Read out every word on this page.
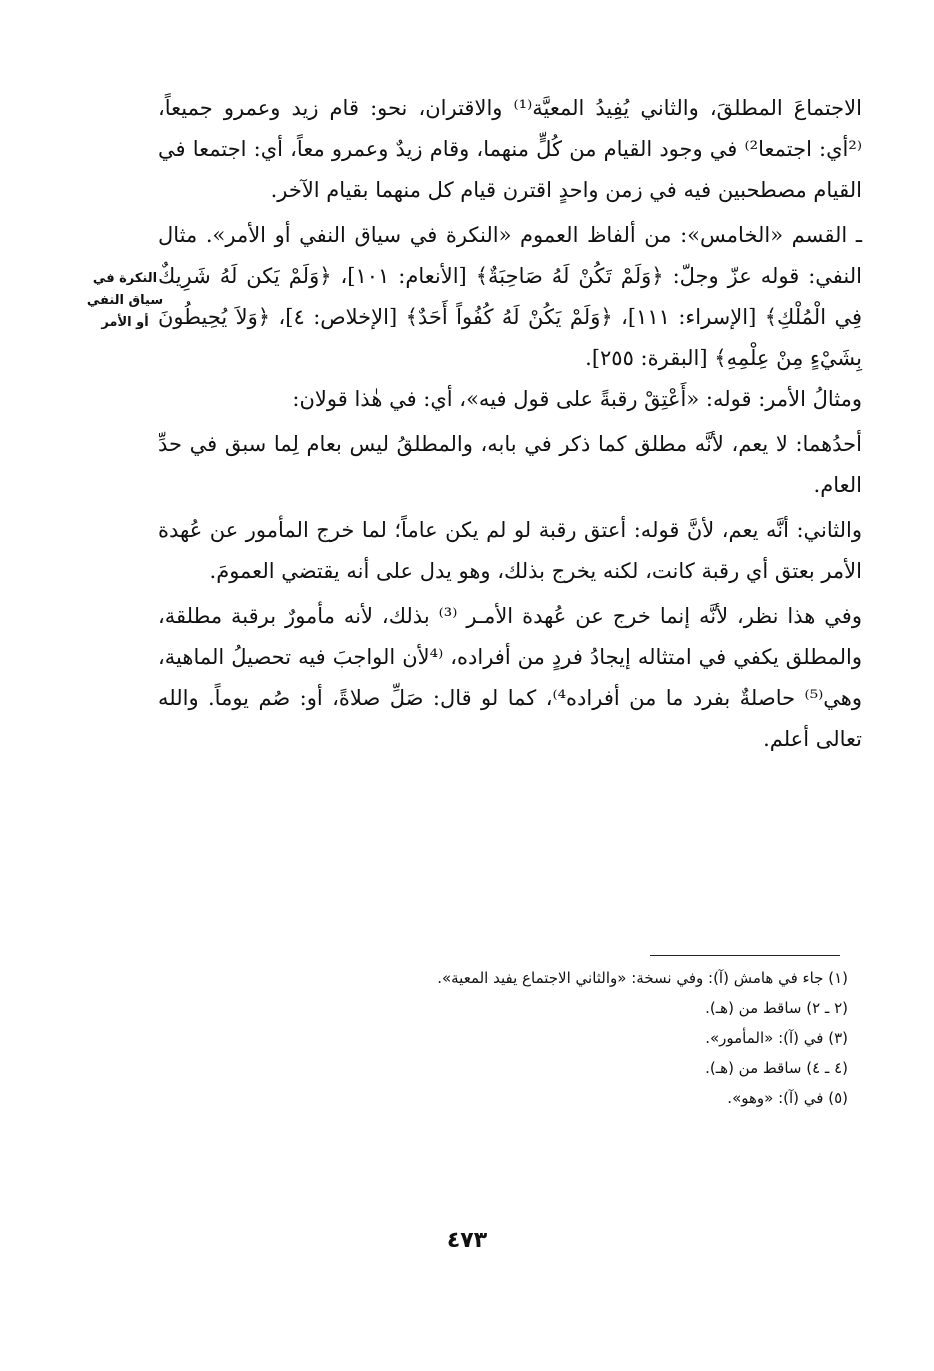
الاجتماعَ المطلقَ، والثاني يُفِيدُ المعيَّة⁽¹⁾ والاقتران، نحو: قام زيد وعمرو جميعاً، ⁽²أي: اجتمعا²⁾ في وجود القيام من كُلٍّ منهما، وقام زيدٌ وعمرو معاً، أي: اجتمعا في القيام مصطحبين فيه في زمن واحدٍ اقترن قيام كل منهما بقيام الآخر.

ـ القسم «الخامس»: من ألفاظ العموم «النكرة في سياق النفي أو الأمر». مثال النفي: قوله عزّ وجلّ: ﴿وَلَمْ تَكُنْ لَهُ صَاحِبَةٌ﴾ [الأنعام: ١٠١]، ﴿وَلَمْ يَكن لَهُ شَرِيكٌ فِي الْمُلْكِ﴾ [الإسراء: ١١١]، ﴿وَلَمْ يَكُنْ لَهُ كُفُواً أَحَدٌ﴾ [الإخلاص: ٤]، ﴿وَلاَ يُحِيطُونَ بِشَيْءٍ مِنْ عِلْمِهِ﴾ [البقرة: ٢٥٥].

ومثالُ الأمر: قوله: «أَعْتِقْ رقبةً على قول فيه»، أي: في هٰذا قولان:

أحدُهما: لا يعم، لأنَّه مطلق كما ذكر في بابه، والمطلقُ ليس بعام لِما سبق في حدِّ العام.

والثاني: أنَّه يعم، لأنَّ قوله: أعتق رقبة لو لم يكن عاماً؛ لما خرج المأمور عن عُهدة الأمر بعتق أي رقبة كانت، لكنه يخرج بذلك، وهو يدل على أنه يقتضي العمومَ.

وفي هذا نظر، لأنَّه إنما خرج عن عُهدة الأمـر ⁽³⁾ بذلك، لأنه مأمورٌ برقبة مطلقة، والمطلق يكفي في امتثاله إيجادُ فردٍ من أفراده، ⁽⁴لأن الواجبَ فيه تحصيلُ الماهية، وهي⁽⁵⁾ حاصلةٌ بفرد ما من أفراده⁴⁾، كما لو قال: صَلِّ صلاةً، أو: صُم يوماً. والله تعالى أعلم.

النكرة في
سياق النفي
أو الأمر
(١) جاء في هامش (آ): وفي نسخة: «والثاني الاجتماع يفيد المعية».
(٢ ـ ٢) ساقط من (هـ).
(٣) في (آ): «المأمور».
(٤ ـ ٤) ساقط من (هـ).
(٥) في (آ): «وهو».
٤٧٣
